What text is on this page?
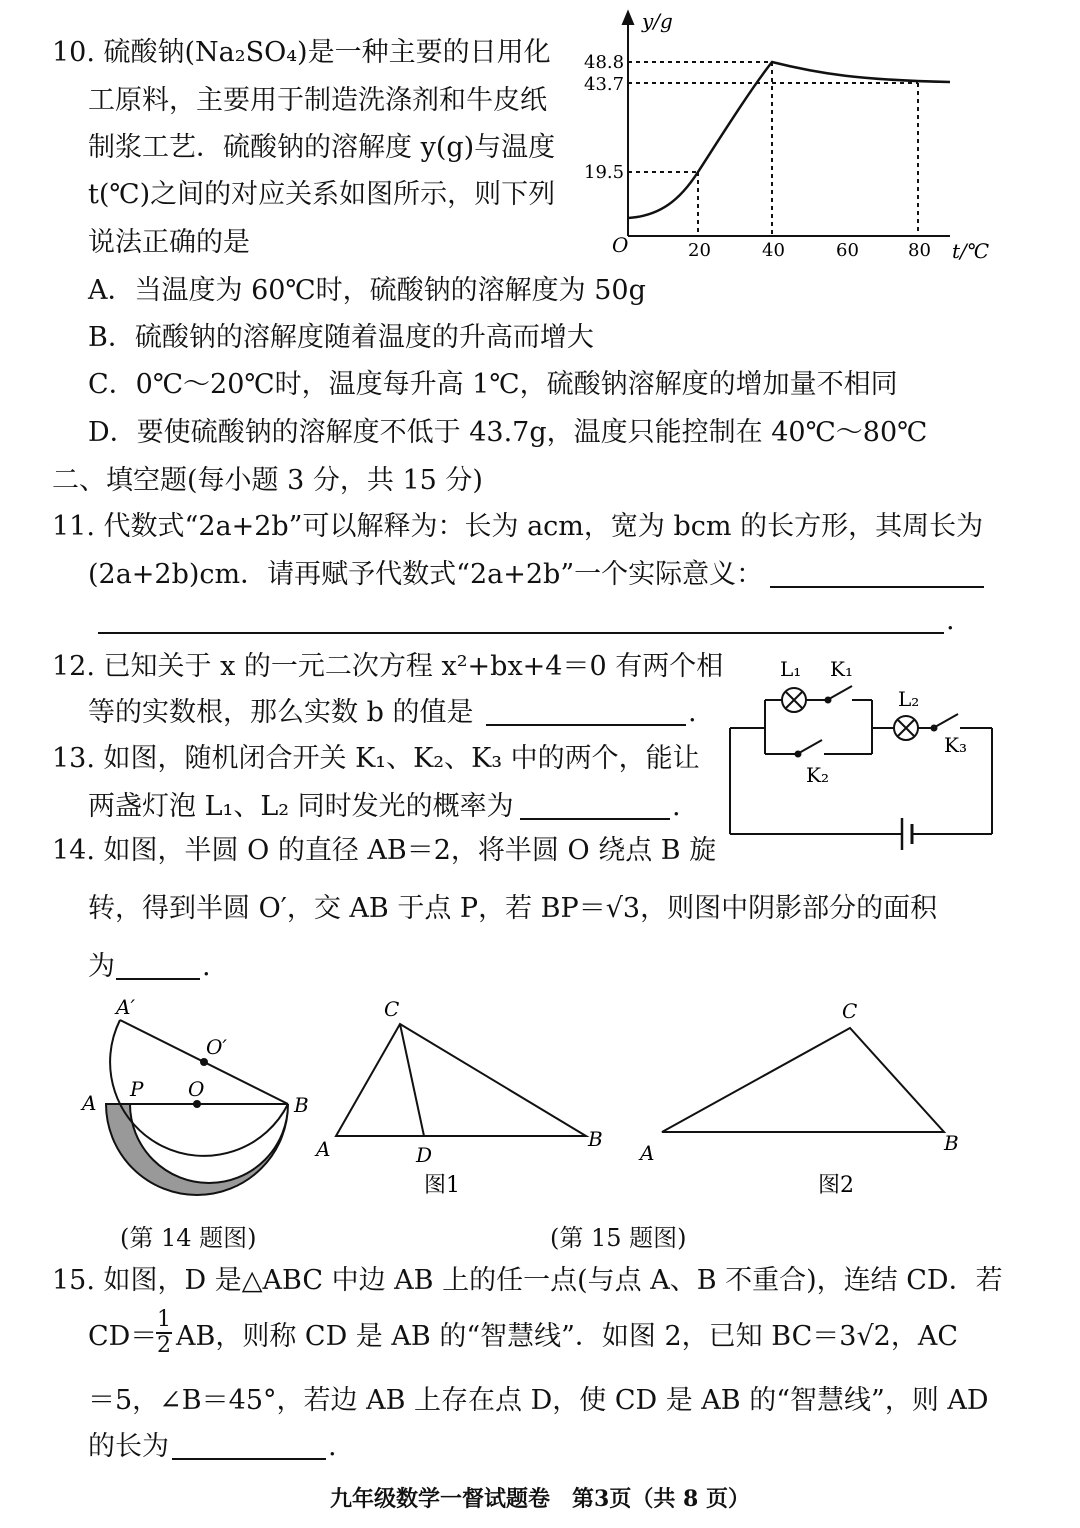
10. 硫酸钠(Na₂SO₄)是一种主要的日用化
工原料，主要用于制造洗涤剂和牛皮纸
制浆工艺．硫酸钠的溶解度 y(g)与温度
t(℃)之间的对应关系如图所示，则下列
说法正确的是
A．当温度为 60℃时，硫酸钠的溶解度为 50g
B．硫酸钠的溶解度随着温度的升高而增大
C．0℃～20℃时，温度每升高 1℃，硫酸钠溶解度的增加量不相同
D．要使硫酸钠的溶解度不低于 43.7g，温度只能控制在 40℃～80℃
y/g
t/℃
O
48.8
43.7
19.5
20	40	60	80
二、填空题(每小题 3 分，共 15 分)
11. 代数式“2a+2b”可以解释为：长为 acm，宽为 bcm 的长方形，其周长为
(2a+2b)cm．请再赋予代数式“2a+2b”一个实际意义：
.
12. 已知关于 x 的一元二次方程 x²+bx+4＝0 有两个相
等的实数根，那么实数 b 的值是	.
13. 如图，随机闭合开关 K₁、K₂、K₃ 中的两个，能让
两盏灯泡 L₁、L₂ 同时发光的概率为	.
L₁ K₁
L₂
K₂
K₃
14. 如图，半圆 O 的直径 AB＝2，将半圆 O 绕点 B 旋
转，得到半圆 O′，交 AB 于点 P，若 BP＝√3，则图中阴影部分的面积
为	.
A′
O′
A
P O
B
(第 14 题图)
C
A	D
B
图1
C
A	B
图2
(第 15 题图)
15. 如图，D 是△ABC 中边 AB 上的任一点(与点 A、B 不重合)，连结 CD．若
CD＝
$\frac{1}{2}$ AB，则称 CD 是 AB 的“智慧线”．如图 2，已知 BC＝3√2，AC
＝5，∠B＝45°，若边 AB 上存在点 D，使 CD 是 AB 的“智慧线”，则 AD
的长为	.
九年级数学一督试题卷　第3页（共 8 页）
